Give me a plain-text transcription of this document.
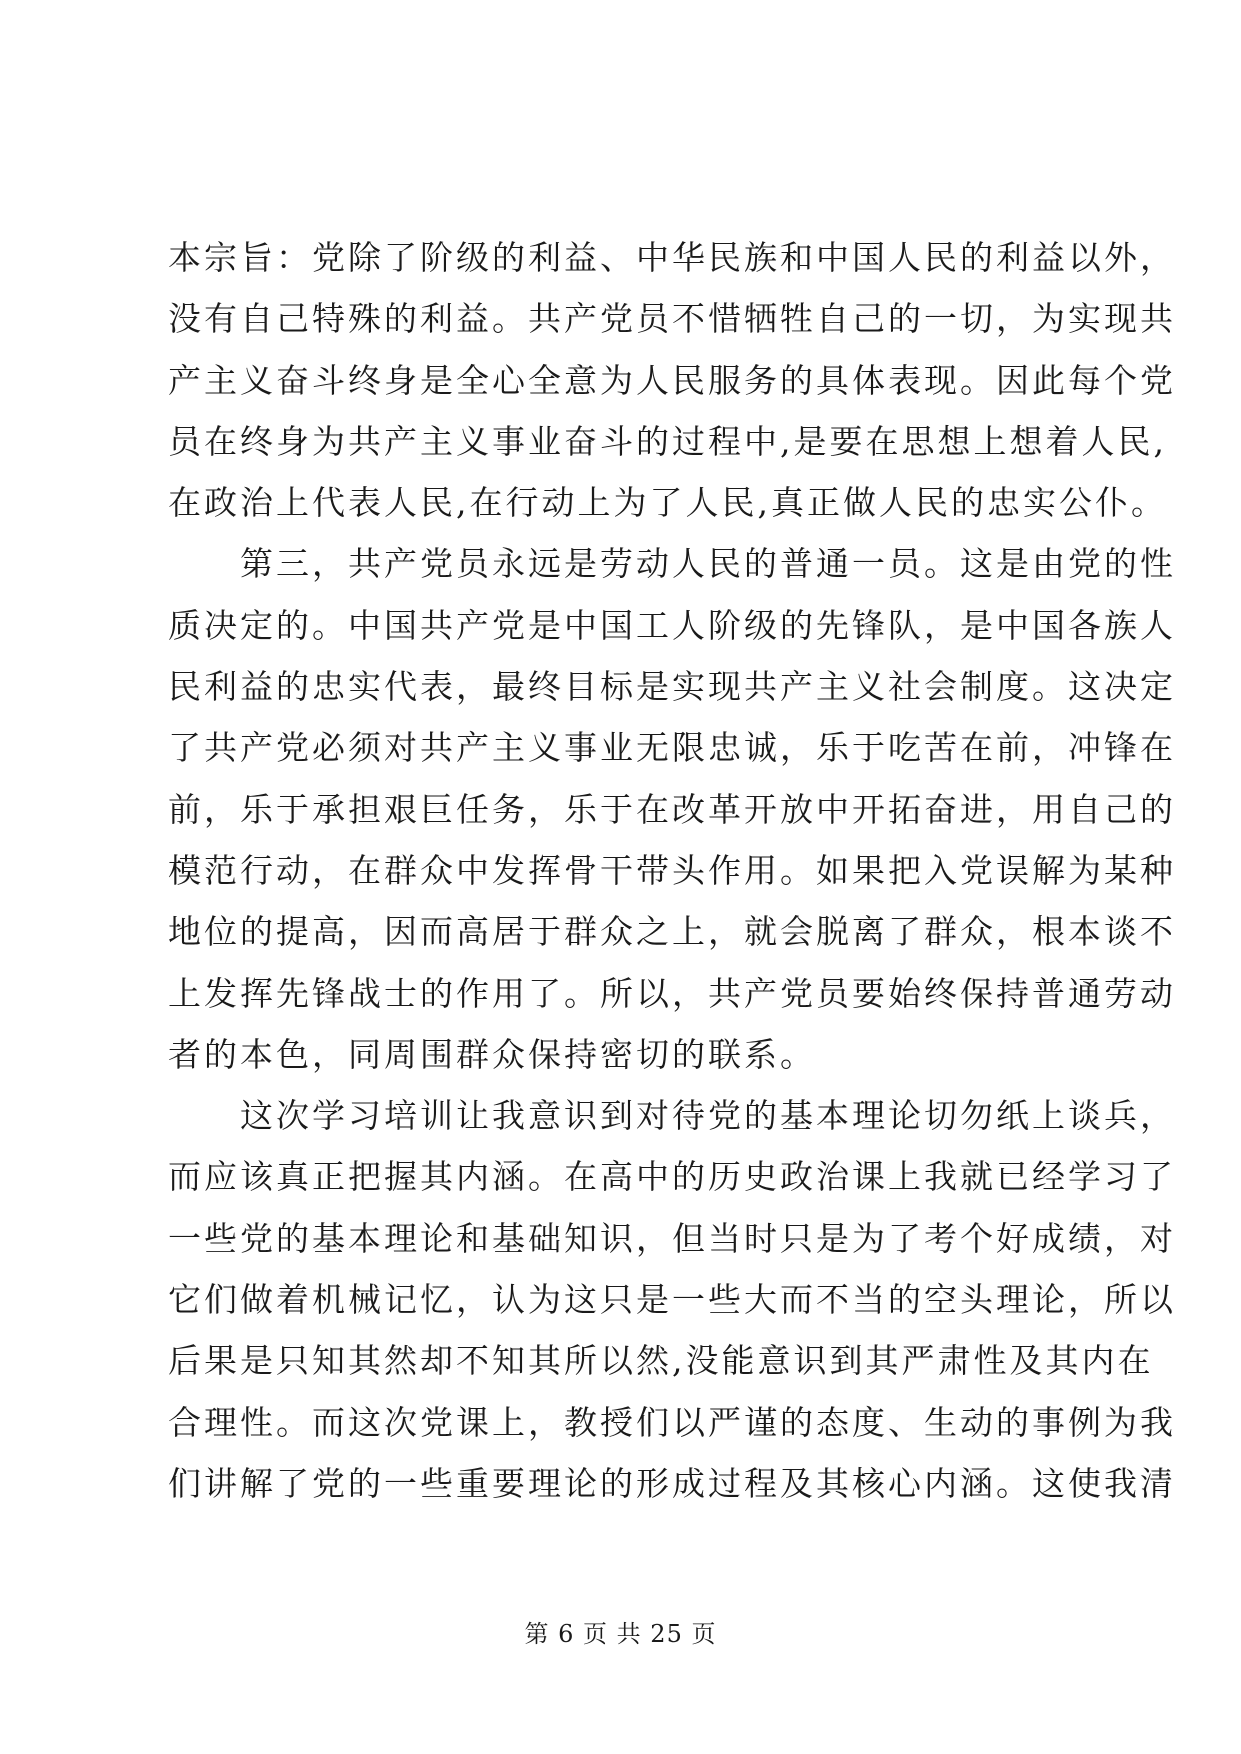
本宗旨：党除了阶级的利益、中华民族和中国人民的利益以外，
没有自己特殊的利益。共产党员不惜牺牲自己的一切，为实现共
产主义奋斗终身是全心全意为人民服务的具体表现。因此每个党
员在终身为共产主义事业奋斗的过程中,是要在思想上想着人民,
在政治上代表人民,在行动上为了人民,真正做人民的忠实公仆。
　　第三，共产党员永远是劳动人民的普通一员。这是由党的性
质决定的。中国共产党是中国工人阶级的先锋队，是中国各族人
民利益的忠实代表，最终目标是实现共产主义社会制度。这决定
了共产党必须对共产主义事业无限忠诚，乐于吃苦在前，冲锋在
前，乐于承担艰巨任务，乐于在改革开放中开拓奋进，用自己的
模范行动，在群众中发挥骨干带头作用。如果把入党误解为某种
地位的提高，因而高居于群众之上，就会脱离了群众，根本谈不
上发挥先锋战士的作用了。所以，共产党员要始终保持普通劳动
者的本色，同周围群众保持密切的联系。
　　这次学习培训让我意识到对待党的基本理论切勿纸上谈兵，
而应该真正把握其内涵。在高中的历史政治课上我就已经学习了
一些党的基本理论和基础知识，但当时只是为了考个好成绩，对
它们做着机械记忆，认为这只是一些大而不当的空头理论，所以
后果是只知其然却不知其所以然,没能意识到其严肃性及其内在
合理性。而这次党课上，教授们以严谨的态度、生动的事例为我
们讲解了党的一些重要理论的形成过程及其核心内涵。这使我清
第 6 页 共 25 页
